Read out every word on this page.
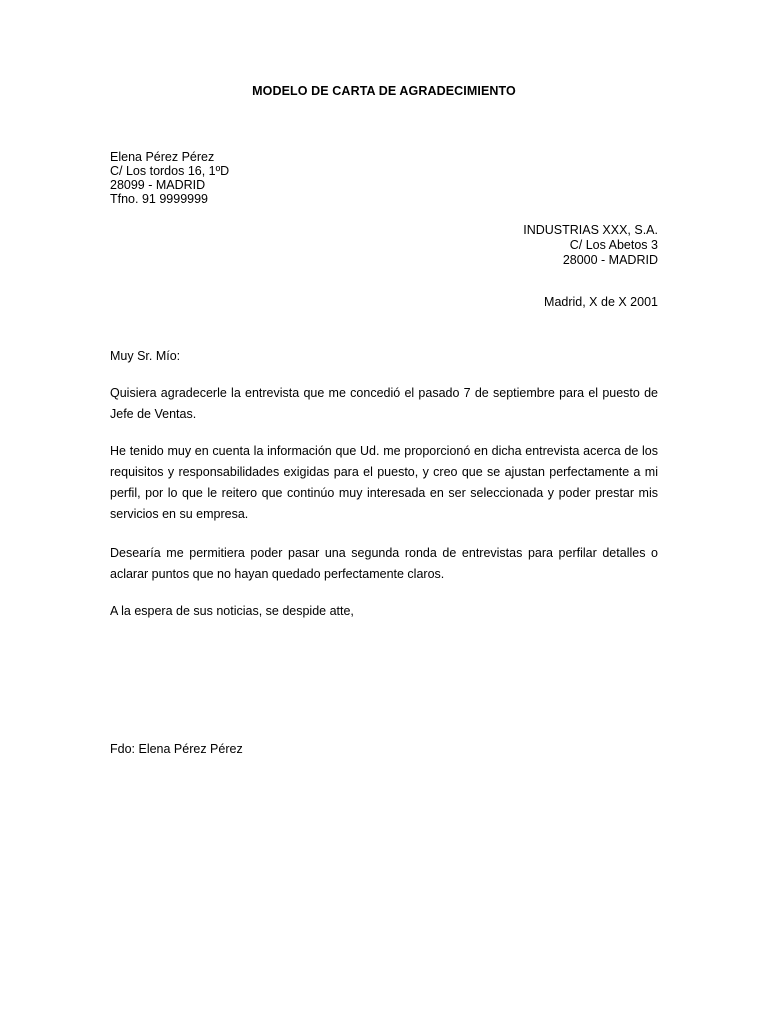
MODELO DE CARTA DE AGRADECIMIENTO
Elena Pérez Pérez
C/ Los tordos 16, 1ºD
28099 - MADRID
Tfno. 91 9999999
INDUSTRIAS XXX, S.A.
C/ Los Abetos 3
28000 - MADRID
Madrid, X de X 2001
Muy Sr. Mío:
Quisiera agradecerle la entrevista que me concedió el pasado 7 de septiembre para el puesto de Jefe de Ventas.
He tenido muy en cuenta la información que Ud. me proporcionó en dicha entrevista acerca de los requisitos y responsabilidades exigidas para el puesto, y creo que se ajustan perfectamente a mi perfil, por lo que le reitero que continúo muy interesada en ser seleccionada y poder prestar mis servicios en su empresa.
Desearía me permitiera poder pasar una segunda ronda de entrevistas para perfilar detalles o aclarar puntos que no hayan quedado perfectamente claros.
A la espera de sus noticias, se despide atte,
Fdo: Elena Pérez Pérez
